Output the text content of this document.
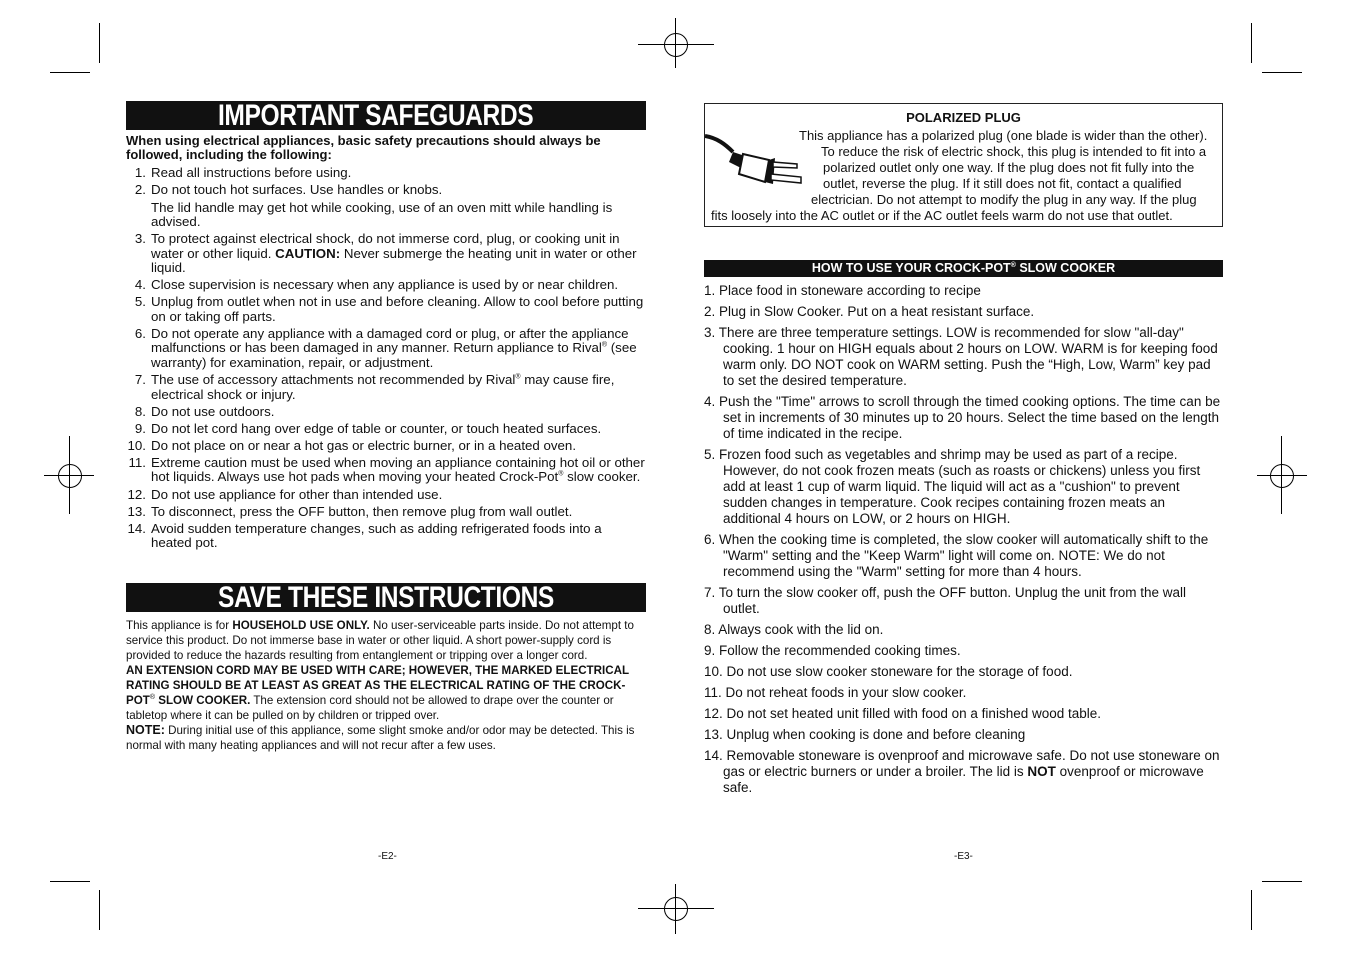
IMPORTANT SAFEGUARDS
When using electrical appliances, basic safety precautions should always be followed, including the following:
1. Read all instructions before using.
2. Do not touch hot surfaces. Use handles or knobs.
The lid handle may get hot while cooking, use of an oven mitt while handling is advised.
3. To protect against electrical shock, do not immerse cord, plug, or cooking unit in water or other liquid. CAUTION: Never submerge the heating unit in water or other liquid.
4. Close supervision is necessary when any appliance is used by or near children.
5. Unplug from outlet when not in use and before cleaning. Allow to cool before putting on or taking off parts.
6. Do not operate any appliance with a damaged cord or plug, or after the appliance malfunctions or has been damaged in any manner. Return appliance to Rival® (see warranty) for examination, repair, or adjustment.
7. The use of accessory attachments not recommended by Rival® may cause fire, electrical shock or injury.
8. Do not use outdoors.
9. Do not let cord hang over edge of table or counter, or touch heated surfaces.
10. Do not place on or near a hot gas or electric burner, or in a heated oven.
11. Extreme caution must be used when moving an appliance containing hot oil or other hot liquids. Always use hot pads when moving your heated Crock-Pot® slow cooker.
12. Do not use appliance for other than intended use.
13. To disconnect, press the OFF button, then remove plug from wall outlet.
14. Avoid sudden temperature changes, such as adding refrigerated foods into a heated pot.
SAVE THESE INSTRUCTIONS

This appliance is for HOUSEHOLD USE ONLY. No user-serviceable parts inside. Do not attempt to service this product. Do not immerse base in water or other liquid. A short power-supply cord is provided to reduce the hazards resulting from entanglement or tripping over a longer cord.

AN EXTENSION CORD MAY BE USED WITH CARE; HOWEVER, THE MARKED ELECTRICAL RATING SHOULD BE AT LEAST AS GREAT AS THE ELECTRICAL RATING OF THE CROCK-POT® SLOW COOKER. The extension cord should not be allowed to drape over the counter or tabletop where it can be pulled on by children or tripped over.

NOTE: During initial use of this appliance, some slight smoke and/or odor may be detected. This is normal with many heating appliances and will not recur after a few uses.

-E2-
POLARIZED PLUG
This appliance has a polarized plug (one blade is wider than the other).
To reduce the risk of electric shock, this plug is intended to fit into a
polarized outlet only one way. If the plug does not fit fully into the
outlet, reverse the plug. If it still does not fit, contact a qualified
electrician. Do not attempt to modify the plug in any way. If the plug
fits loosely into the AC outlet or if the AC outlet feels warm do not use that outlet.
HOW TO USE YOUR CROCK-POT® SLOW COOKER
1. Place food in stoneware according to recipe
2. Plug in Slow Cooker. Put on a heat resistant surface.
3. There are three temperature settings. LOW is recommended for slow "all-day" cooking. 1 hour on HIGH equals about 2 hours on LOW. WARM is for keeping food warm only. DO NOT cook on WARM setting. Push the “High, Low, Warm” key pad to set the desired temperature.
4. Push the "Time" arrows to scroll through the timed cooking options. The time can be set in increments of 30 minutes up to 20 hours. Select the time based on the length of time indicated in the recipe.
5. Frozen food such as vegetables and shrimp may be used as part of a recipe. However, do not cook frozen meats (such as roasts or chickens) unless you first add at least 1 cup of warm liquid. The liquid will act as a "cushion" to prevent sudden changes in temperature. Cook recipes containing frozen meats an additional 4 hours on LOW, or 2 hours on HIGH.
6. When the cooking time is completed, the slow cooker will automatically shift to the "Warm" setting and the "Keep Warm" light will come on. NOTE: We do not recommend using the "Warm" setting for more than 4 hours.
7. To turn the slow cooker off, push the OFF button. Unplug the unit from the wall outlet.
8. Always cook with the lid on.
9. Follow the recommended cooking times.
10. Do not use slow cooker stoneware for the storage of food.
11. Do not reheat foods in your slow cooker.
12. Do not set heated unit filled with food on a finished wood table.
13. Unplug when cooking is done and before cleaning
14. Removable stoneware is ovenproof and microwave safe. Do not use stoneware on gas or electric burners or under a broiler. The lid is NOT ovenproof or microwave safe.
-E3-
